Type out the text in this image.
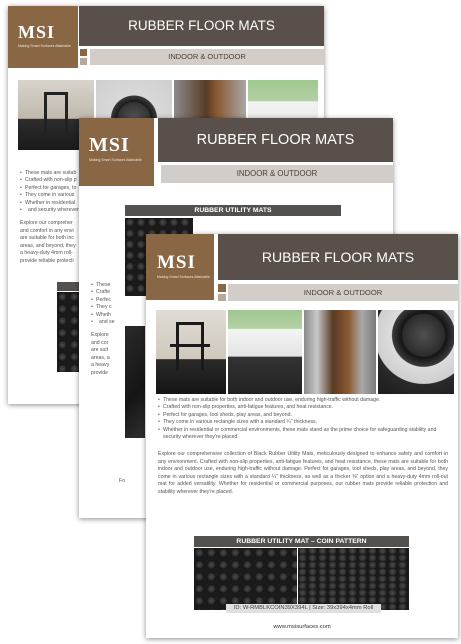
MSI
Making Smart Surfaces Attainable
RUBBER FLOOR MATS
INDOOR & OUTDOOR
• These mats are suitab
• Crafted with non-slip p
• Perfect for garages, to
• They come in various
• Whether in residential
• and security wherever
Explore our compreher
and comfort in any envi
are suitable for both inc
areas, and beyond, they
a heavy-duty 4mm roll-
provide reliable protecti
MSI
Making Smart Surfaces Attainable
RUBBER FLOOR MATS
INDOOR & OUTDOOR
• These
• Crafte
• Perfec
• They c
• Wheth
• and se
RUBBER UTILITY MATS
Explore
and cor
are suit
areas, a
a heavy
provide
Fo
MSI
Making Smart Surfaces Attainable
RUBBER FLOOR MATS
INDOOR & OUTDOOR
• These mats are suitable for both indoor and outdoor use, enduring high-traffic without damage.
• Crafted with non-slip properties, anti-fatigue features, and heat resistance.
• Perfect for garages, tool sheds, play areas, and beyond.
• They come in various rectangle sizes with a standard ¼" thickness.
• Whether in residential or commercial environments, these mats stand as the prime choice for safeguarding stability and security wherever they're placed.
Explore our comprehensive collection of Black Rubber Utility Mats, meticulously designed to enhance safety and comfort in any environment. Crafted with non-slip properties, anti-fatigue features, and heat resistance, these mats are suitable for both indoor and outdoor use, enduring high-traffic without damage. Perfect for garages, tool sheds, play areas, and beyond, they come in various rectangle sizes with a standard ¼" thickness, as well as a thicker ⅜" option and a heavy-duty 4mm roll-out mat for added versatility. Whether for residential or commercial purposes, our rubber mats provide reliable protection and stability wherever they're placed.
RUBBER UTILITY MAT – COIN PATTERN
ID: W-RMBLKCOIN39X394L | Size: 39x394x4mm Roll
www.msisurfaces.com
